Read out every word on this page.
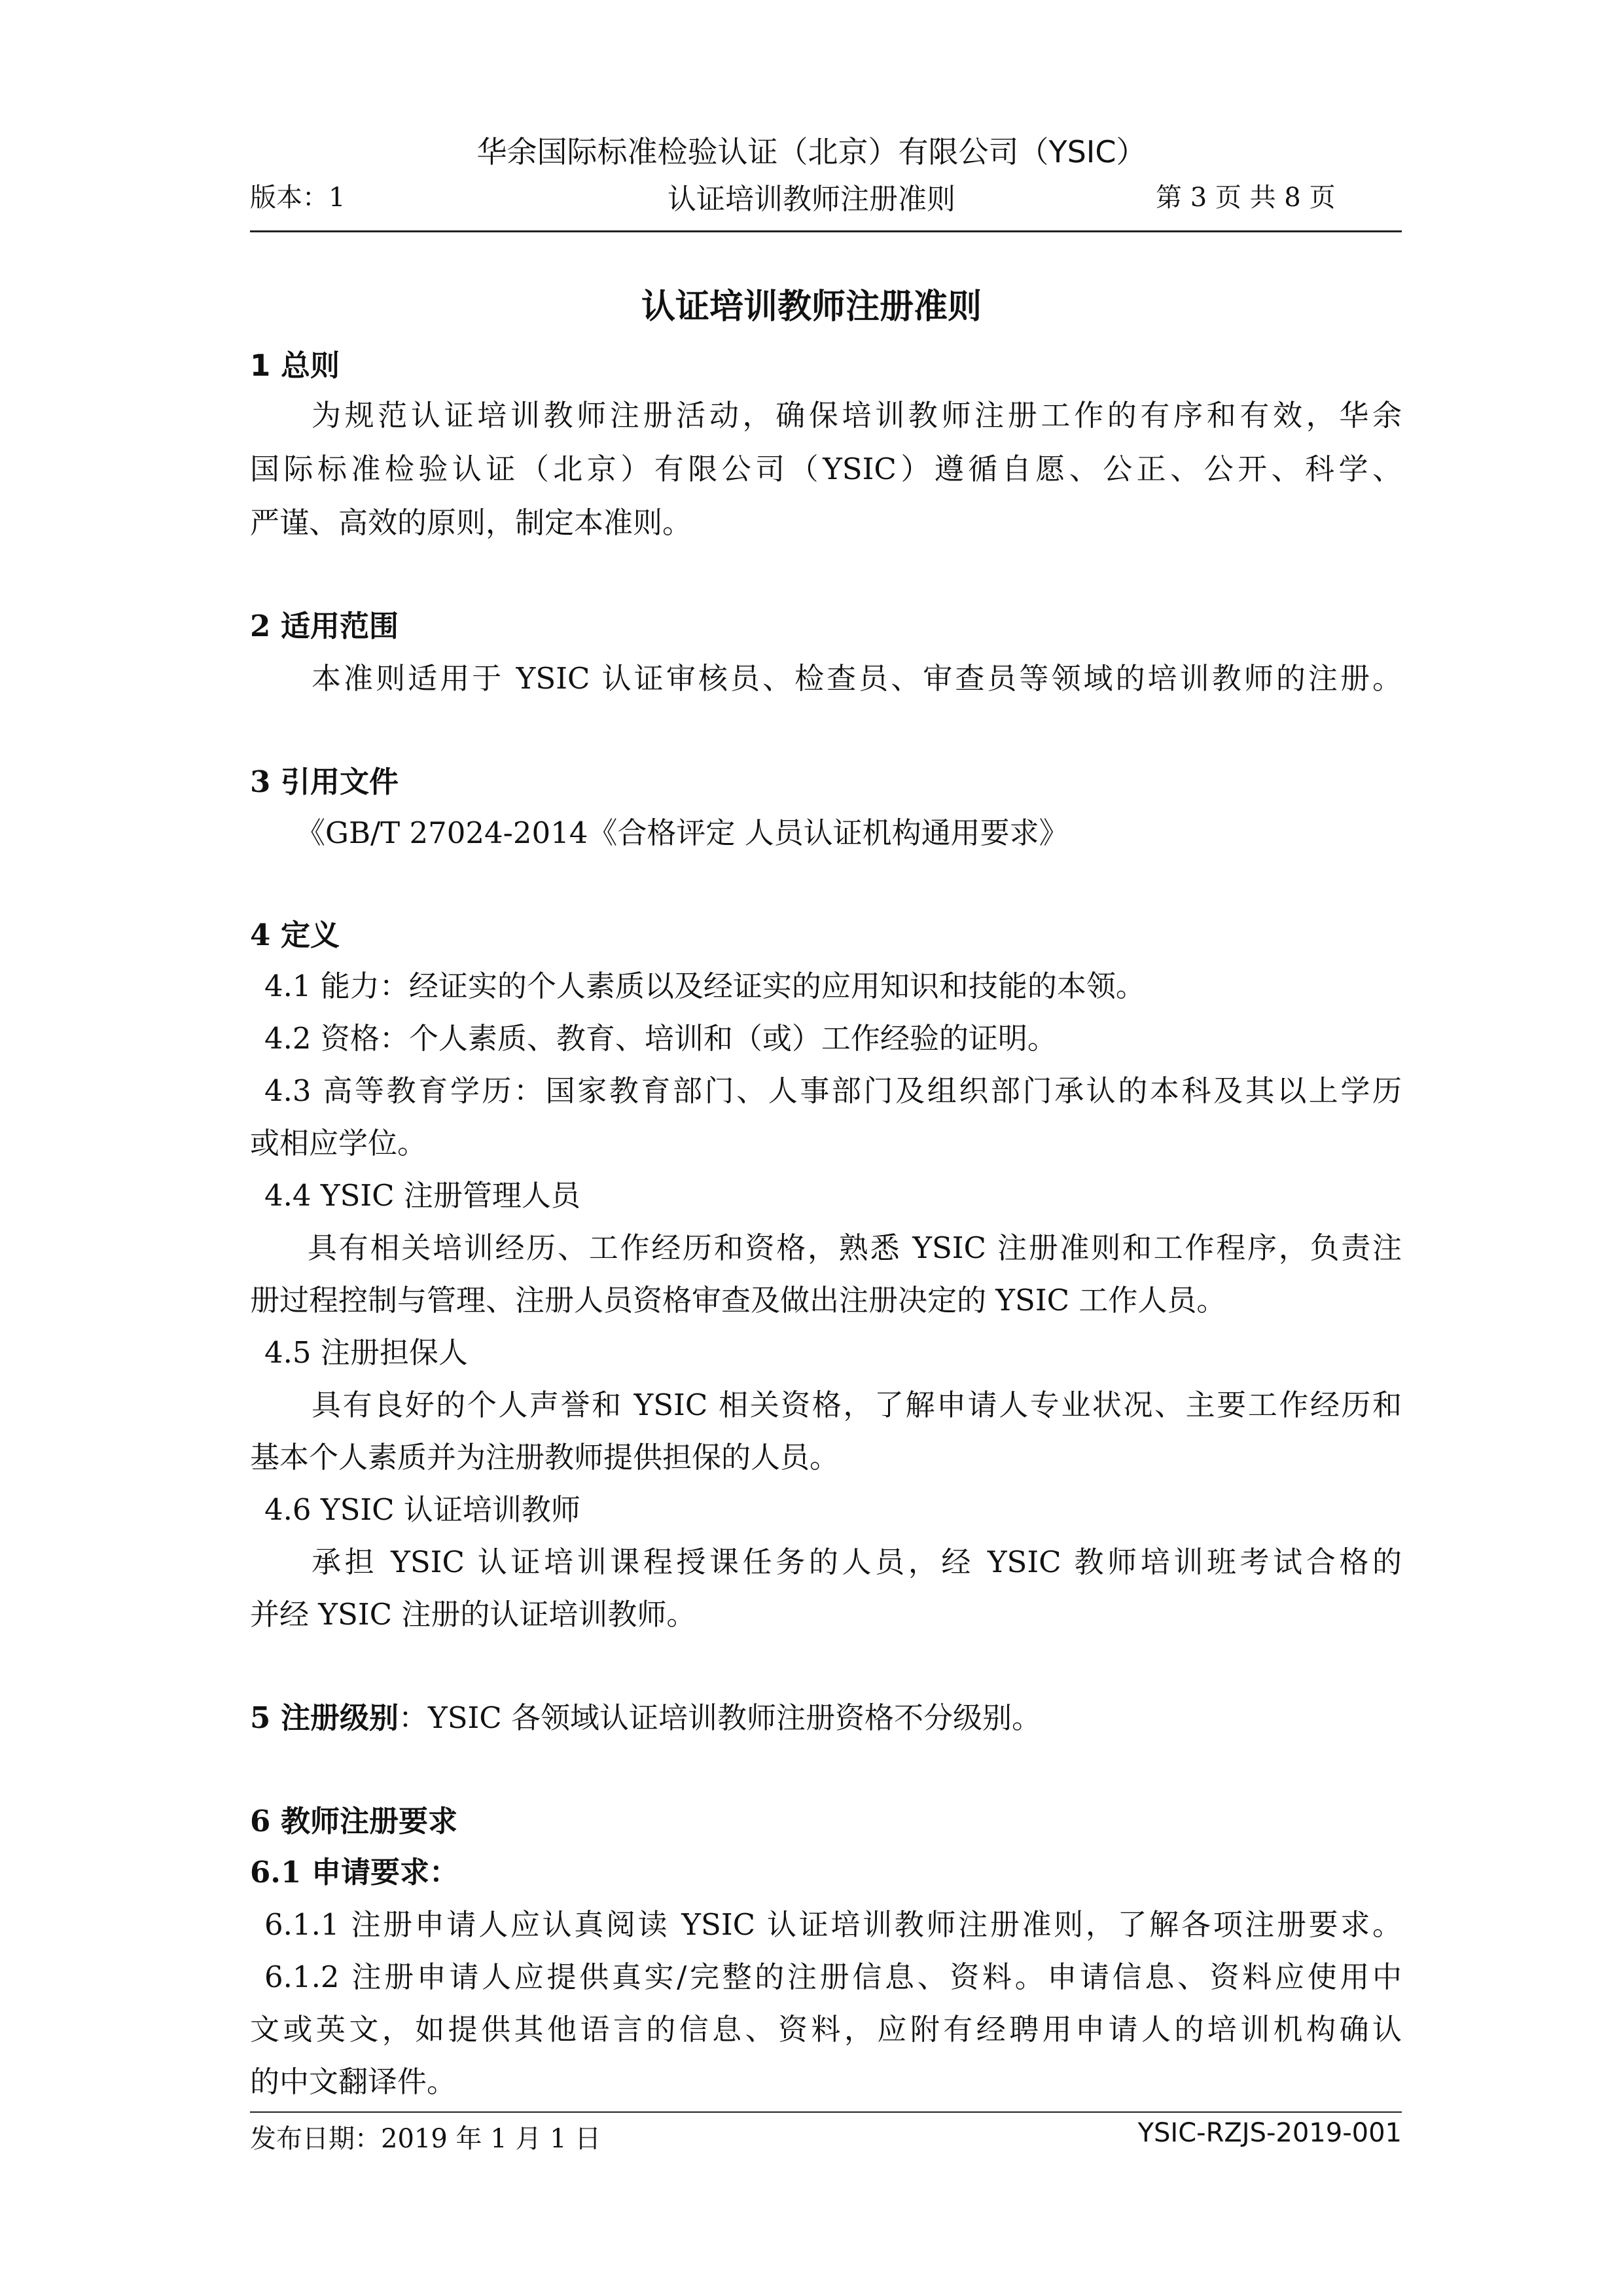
华余国际标准检验认证（北京）有限公司（YSIC）
版本：1	认证培训教师注册准则	第 3 页 共 8 页
认证培训教师注册准则
1 总则
为规范认证培训教师注册活动，确保培训教师注册工作的有序和有效，华余
国际标准检验认证（北京）有限公司（YSIC）遵循自愿、公正、公开、科学、
严谨、高效的原则，制定本准则。
2 适用范围
本准则适用于 YSIC 认证审核员、检查员、审查员等领域的培训教师的注册。
3 引用文件
《GB/T 27024-2014《合格评定 人员认证机构通用要求》
4 定义
4.1 能力：经证实的个人素质以及经证实的应用知识和技能的本领。
4.2 资格：个人素质、教育、培训和（或）工作经验的证明。
4.3 高等教育学历：国家教育部门、人事部门及组织部门承认的本科及其以上学历
或相应学位。
4.4 YSIC 注册管理人员
具有相关培训经历、工作经历和资格，熟悉 YSIC 注册准则和工作程序，负责注
册过程控制与管理、注册人员资格审查及做出注册决定的 YSIC 工作人员。
4.5 注册担保人
具有良好的个人声誉和 YSIC 相关资格，了解申请人专业状况、主要工作经历和
基本个人素质并为注册教师提供担保的人员。
4.6 YSIC 认证培训教师
承担 YSIC 认证培训课程授课任务的人员，经 YSIC 教师培训班考试合格的
并经 YSIC 注册的认证培训教师。
5 注册级别：YSIC 各领域认证培训教师注册资格不分级别。
6 教师注册要求
6.1 申请要求：
6.1.1 注册申请人应认真阅读 YSIC 认证培训教师注册准则，了解各项注册要求。
6.1.2 注册申请人应提供真实/完整的注册信息、资料。申请信息、资料应使用中
文或英文，如提供其他语言的信息、资料，应附有经聘用申请人的培训机构确认
的中文翻译件。
发布日期：2019 年 1 月 1 日	YSIC-RZJS-2019-001
